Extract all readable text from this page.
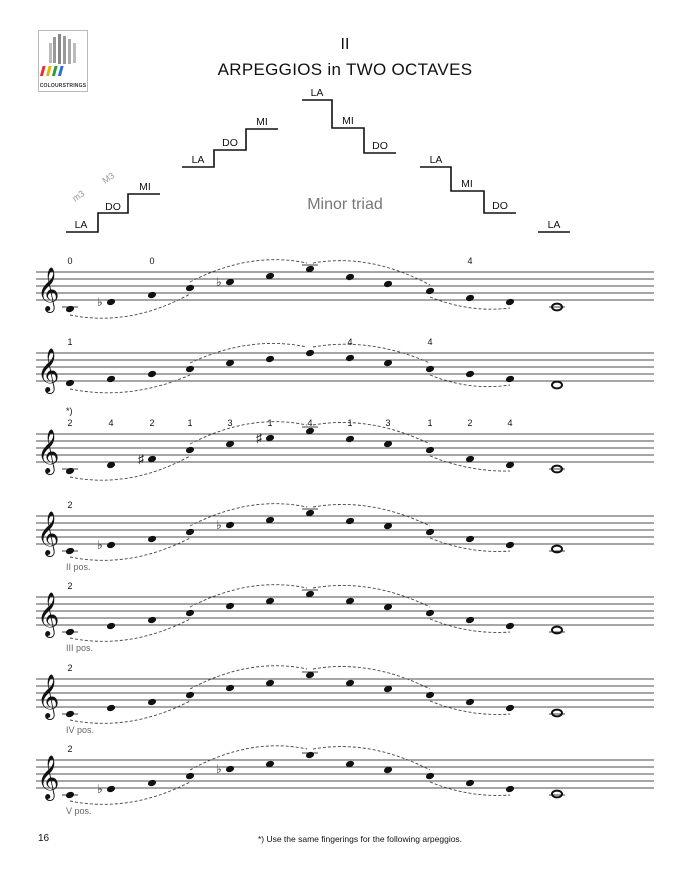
COLOURSTRINGS
II
ARPEGGIOS in TWO OCTAVES
LA
DO
MI
LA
DO
MI
LA
MI
DO
LA
MI
DO
LA
m3
M3
Minor triad
𝄞	♭
♭
0	0	4
𝄞
1	4	4
𝄞	♯
♯
2	4	2	1	3	1	4	1	3	1	2	4
*)
𝄞	♭
♭
2
II pos.
𝄞
2
III pos.
𝄞
2
IV pos.
𝄞	♭
♭
2
V pos.
16	*) Use the same fingerings for the following arpeggios.
